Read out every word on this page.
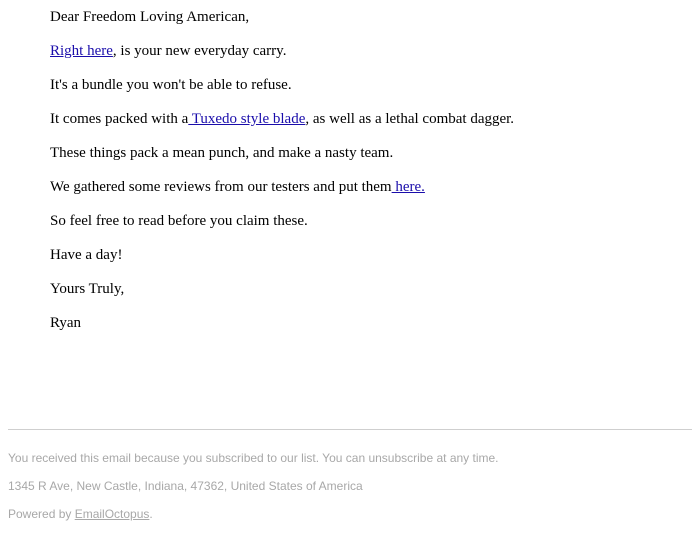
Dear Freedom Loving American,

Right here, is your new everyday carry.

It's a bundle you won't be able to refuse.

It comes packed with a Tuxedo style blade, as well as a lethal combat dagger.

These things pack a mean punch, and make a nasty team.

We gathered some reviews from our testers and put them here.

So feel free to read before you claim these.

Have a day!

Yours Truly,

Ryan

You received this email because you subscribed to our list. You can unsubscribe at any time.

1345 R Ave, New Castle, Indiana, 47362, United States of America

Powered by EmailOctopus.
